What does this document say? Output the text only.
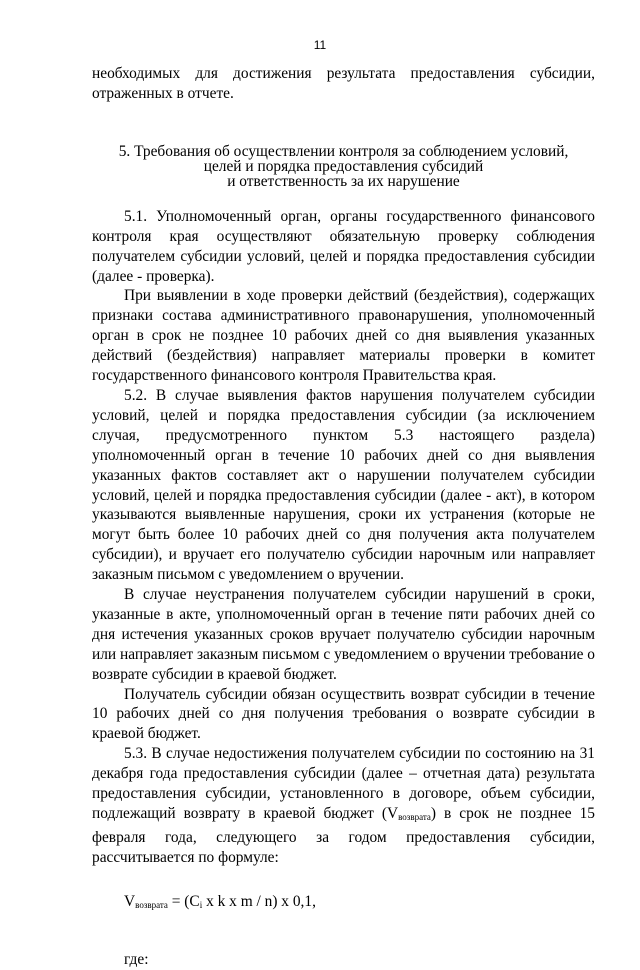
11

необходимых для достижения результата предоставления субсидии, отраженных в отчете.

5. Требования об осуществлении контроля за соблюдением условий,
целей и порядка предоставления субсидий
и ответственность за их нарушение

5.1. Уполномоченный орган, органы государственного финансового контроля края осуществляют обязательную проверку соблюдения получателем субсидии условий, целей и порядка предоставления субсидии (далее - проверка).

При выявлении в ходе проверки действий (бездействия), содержащих признаки состава административного правонарушения, уполномоченный орган в срок не позднее 10 рабочих дней со дня выявления указанных действий (бездействия) направляет материалы проверки в комитет государственного финансового контроля Правительства края.

5.2. В случае выявления фактов нарушения получателем субсидии условий, целей и порядка предоставления субсидии (за исключением случая, предусмотренного пунктом 5.3 настоящего раздела) уполномоченный орган в течение 10 рабочих дней со дня выявления указанных фактов составляет акт о нарушении получателем субсидии условий, целей и порядка предоставления субсидии (далее - акт), в котором указываются выявленные нарушения, сроки их устранения (которые не могут быть более 10 рабочих дней со дня получения акта получателем субсидии), и вручает его получателю субсидии нарочным или направляет заказным письмом с уведомлением о вручении.

В случае неустранения получателем субсидии нарушений в сроки, указанные в акте, уполномоченный орган в течение пяти рабочих дней со дня истечения указанных сроков вручает получателю субсидии нарочным или направляет заказным письмом с уведомлением о вручении требование о возврате субсидии в краевой бюджет.

Получатель субсидии обязан осуществить возврат субсидии в течение 10 рабочих дней со дня получения требования о возврате субсидии в краевой бюджет.

5.3. В случае недостижения получателем субсидии по состоянию на 31 декабря года предоставления субсидии (далее – отчетная дата) результата предоставления субсидии, установленного в договоре, объем субсидии, подлежащий возврату в краевой бюджет $(V_{возврата})$ в срок не позднее 15 февраля года, следующего за годом предоставления субсидии, рассчитывается по формуле:

$V_{возврата} = (C_i$ x k x m / n) x 0,1,
где:
